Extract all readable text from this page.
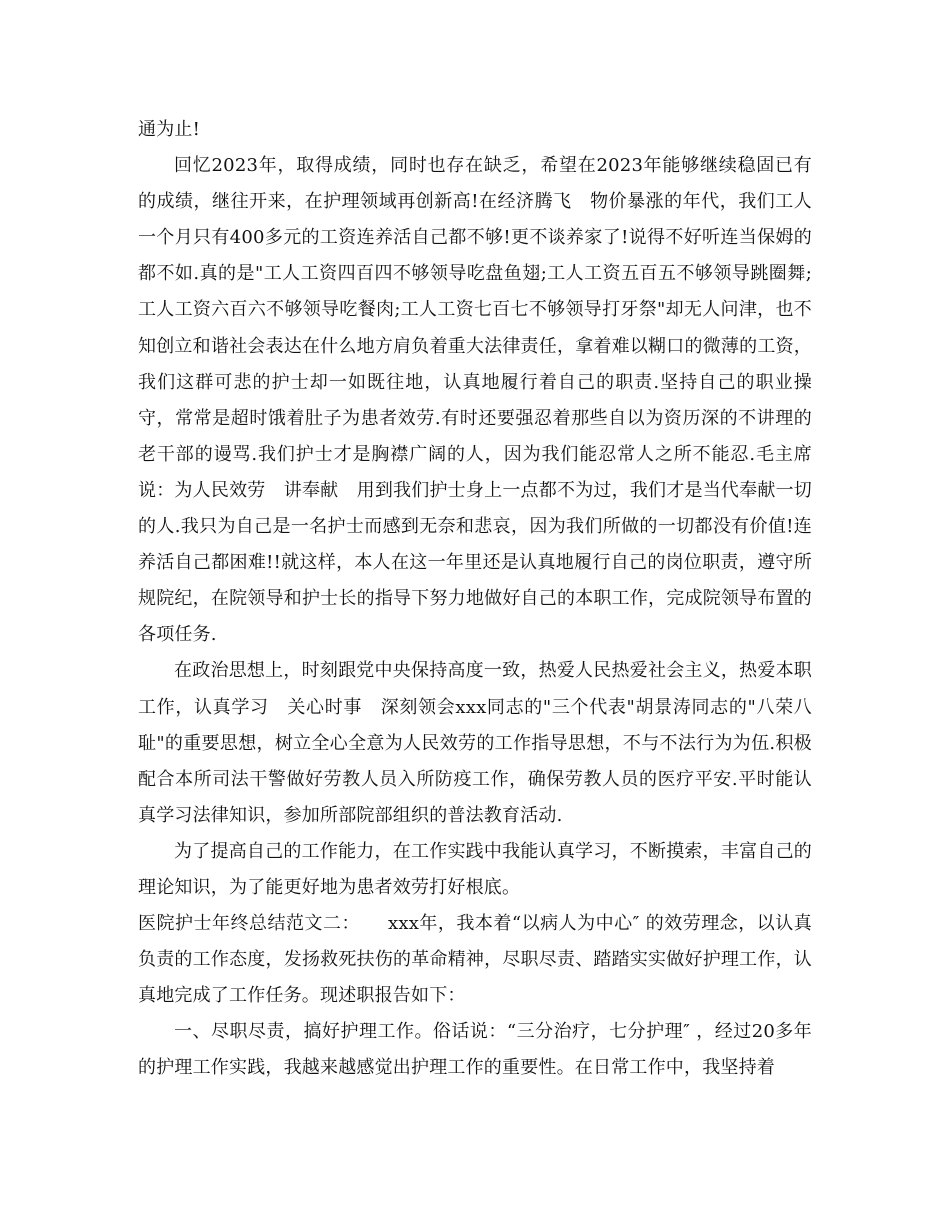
通为止!

回忆2023年，取得成绩，同时也存在缺乏，希望在2023年能够继续稳固已有的成绩，继往开来，在护理领域再创新高!在经济腾飞　物价暴涨的年代，我们工人一个月只有400多元的工资连养活自己都不够!更不谈养家了!说得不好听连当保姆的都不如.真的是"工人工资四百四不够领导吃盘鱼翅;工人工资五百五不够领导跳圈舞;工人工资六百六不够领导吃餐肉;工人工资七百七不够领导打牙祭"却无人问津，也不知创立和谐社会表达在什么地方肩负着重大法律责任，拿着难以糊口的微薄的工资，我们这群可悲的护士却一如既往地，认真地履行着自己的职责.坚持自己的职业操守，常常是超时饿着肚子为患者效劳.有时还要强忍着那些自以为资历深的不讲理的老干部的谩骂.我们护士才是胸襟广阔的人，因为我们能忍常人之所不能忍.毛主席说：为人民效劳　讲奉献　用到我们护士身上一点都不为过，我们才是当代奉献一切的人.我只为自己是一名护士而感到无奈和悲哀，因为我们所做的一切都没有价值!连养活自己都困难!!就这样，本人在这一年里还是认真地履行自己的岗位职责，遵守所规院纪，在院领导和护士长的指导下努力地做好自己的本职工作，完成院领导布置的各项任务.

在政治思想上，时刻跟党中央保持高度一致，热爱人民热爱社会主义，热爱本职工作，认真学习　关心时事　深刻领会xxx同志的"三个代表"胡景涛同志的"八荣八耻"的重要思想，树立全心全意为人民效劳的工作指导思想，不与不法行为为伍.积极配合本所司法干警做好劳教人员入所防疫工作，确保劳教人员的医疗平安.平时能认真学习法律知识，参加所部院部组织的普法教育活动.

为了提高自己的工作能力，在工作实践中我能认真学习，不断摸索，丰富自己的理论知识，为了能更好地为患者效劳打好根底。

医院护士年终总结范文二：　　xxx年，我本着“以病人为中心″ 的效劳理念，以认真负责的工作态度，发扬救死扶伤的革命精神，尽职尽责、踏踏实实做好护理工作，认真地完成了工作任务。现述职报告如下：

一、尽职尽责，搞好护理工作。俗话说：“三分治疗，七分护理″ ，经过20多年的护理工作实践，我越来越感觉出护理工作的重要性。在日常工作中，我坚持着
